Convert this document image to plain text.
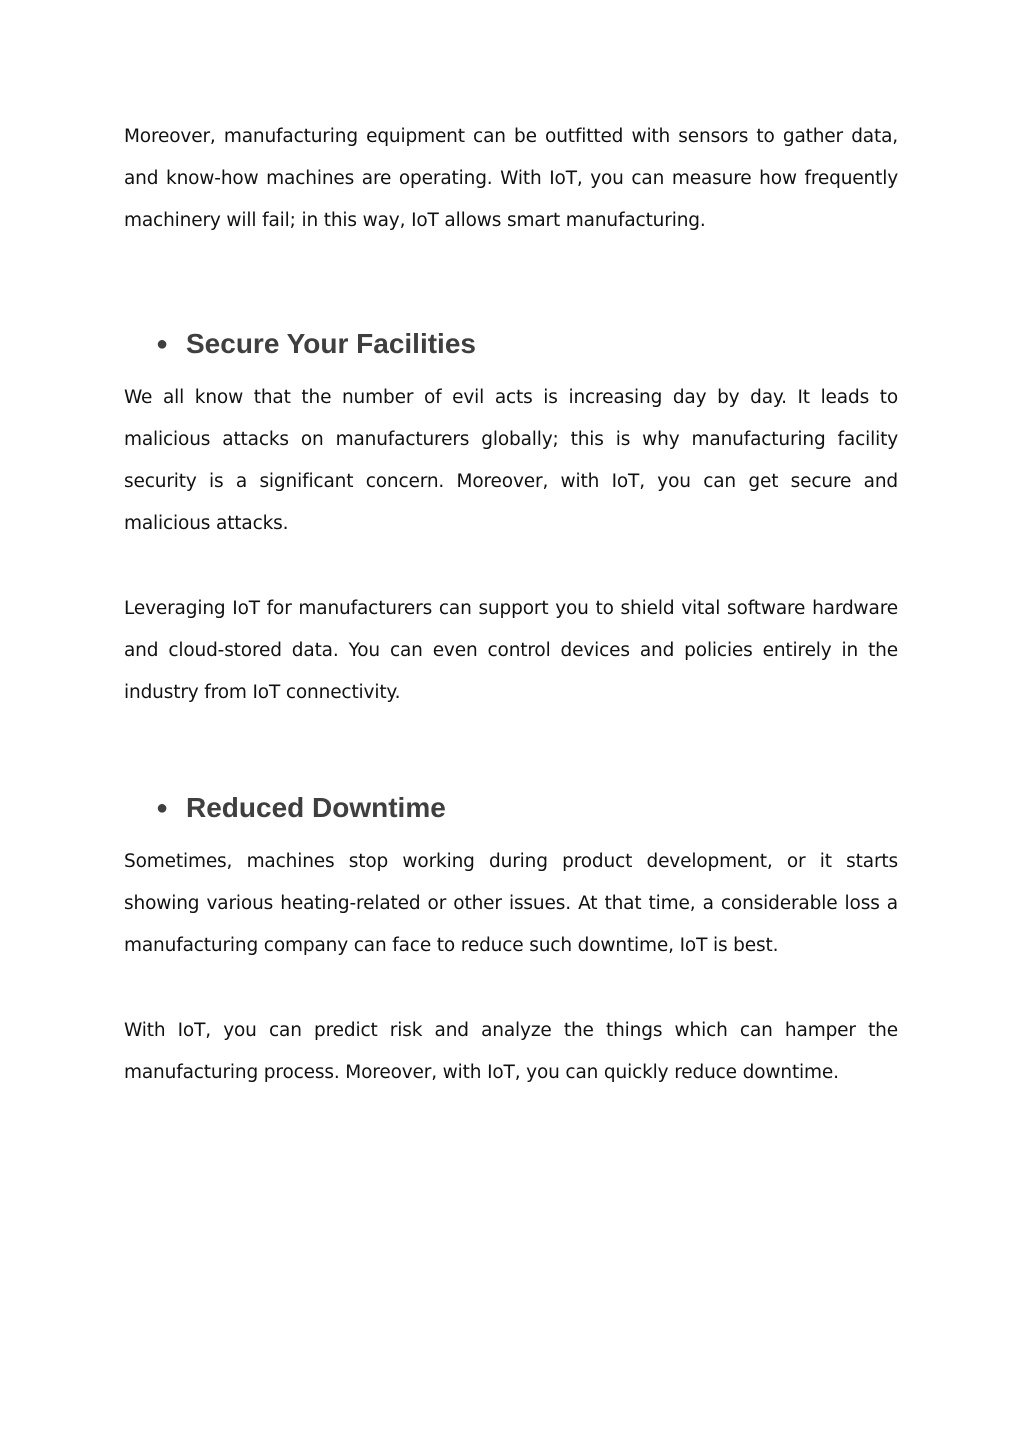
Moreover, manufacturing equipment can be outfitted with sensors to gather data, and know-how machines are operating. With IoT, you can measure how frequently machinery will fail; in this way, IoT allows smart manufacturing.

● Secure Your Facilities

We all know that the number of evil acts is increasing day by day. It leads to malicious attacks on manufacturers globally; this is why manufacturing facility security is a significant concern. Moreover, with IoT, you can get secure and malicious attacks.

Leveraging IoT for manufacturers can support you to shield vital software hardware and cloud-stored data. You can even control devices and policies entirely in the industry from IoT connectivity.

● Reduced Downtime

Sometimes, machines stop working during product development, or it starts showing various heating-related or other issues. At that time, a considerable loss a manufacturing company can face to reduce such downtime, IoT is best.

With IoT, you can predict risk and analyze the things which can hamper the manufacturing process. Moreover, with IoT, you can quickly reduce downtime.
